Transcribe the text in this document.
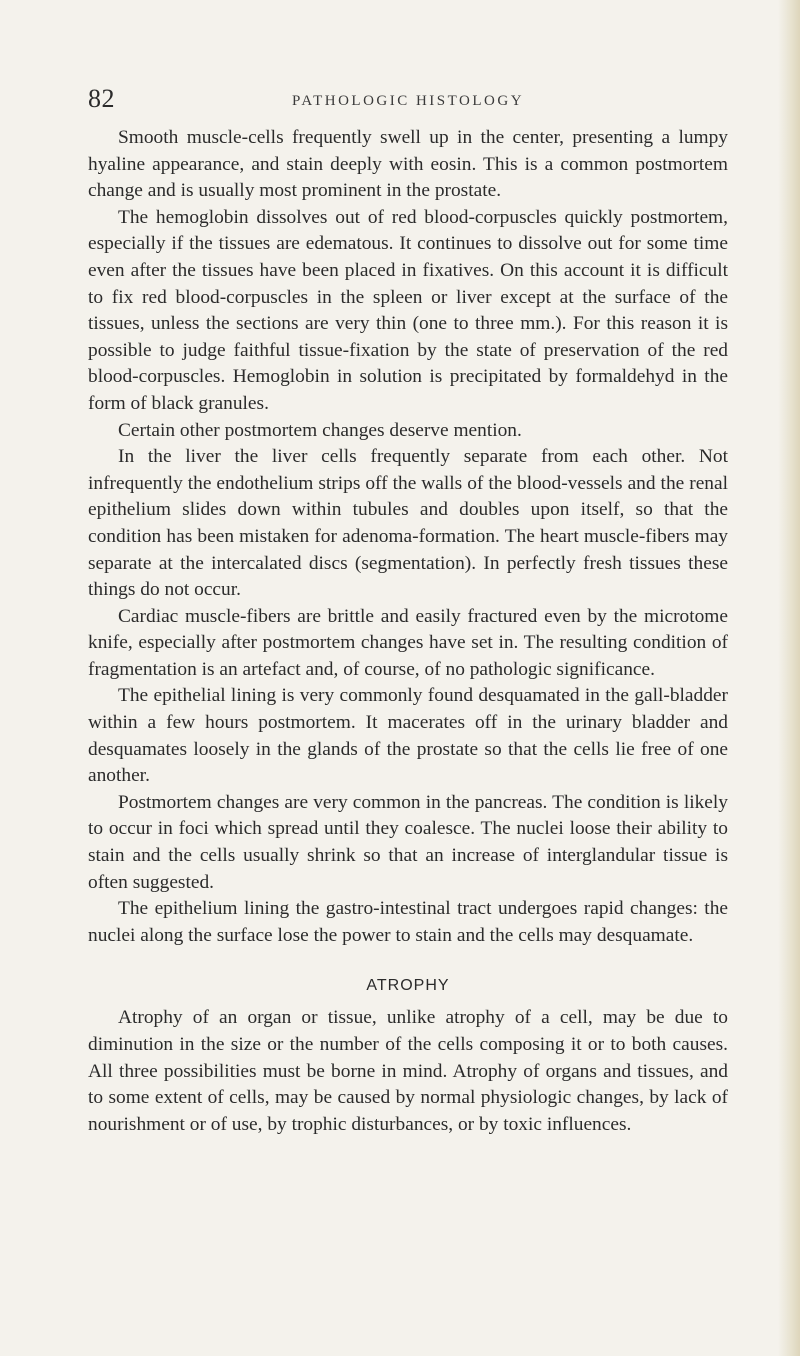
82	PATHOLOGIC HISTOLOGY

Smooth muscle-cells frequently swell up in the center, presenting a lumpy hyaline appearance, and stain deeply with eosin. This is a common postmortem change and is usually most prominent in the prostate.

The hemoglobin dissolves out of red blood-corpuscles quickly postmortem, especially if the tissues are edematous. It continues to dissolve out for some time even after the tissues have been placed in fixatives. On this account it is difficult to fix red blood-corpuscles in the spleen or liver except at the surface of the tissues, unless the sections are very thin (one to three mm.). For this reason it is possible to judge faithful tissue-fixation by the state of preservation of the red blood-corpuscles. Hemoglobin in solution is precipitated by formaldehyd in the form of black granules.

Certain other postmortem changes deserve mention.

In the liver the liver cells frequently separate from each other. Not infrequently the endothelium strips off the walls of the blood-vessels and the renal epithelium slides down within tubules and doubles upon itself, so that the condition has been mistaken for adenoma-formation. The heart muscle-fibers may separate at the intercalated discs (segmentation). In perfectly fresh tissues these things do not occur.

Cardiac muscle-fibers are brittle and easily fractured even by the microtome knife, especially after postmortem changes have set in. The resulting condition of fragmentation is an artefact and, of course, of no pathologic significance.

The epithelial lining is very commonly found desquamated in the gall-bladder within a few hours postmortem. It macerates off in the urinary bladder and desquamates loosely in the glands of the prostate so that the cells lie free of one another.

Postmortem changes are very common in the pancreas. The condition is likely to occur in foci which spread until they coalesce. The nuclei loose their ability to stain and the cells usually shrink so that an increase of interglandular tissue is often suggested.

The epithelium lining the gastro-intestinal tract undergoes rapid changes: the nuclei along the surface lose the power to stain and the cells may desquamate.

ATROPHY

Atrophy of an organ or tissue, unlike atrophy of a cell, may be due to diminution in the size or the number of the cells composing it or to both causes. All three possibilities must be borne in mind. Atrophy of organs and tissues, and to some extent of cells, may be caused by normal physiologic changes, by lack of nourishment or of use, by trophic disturbances, or by toxic influences.
